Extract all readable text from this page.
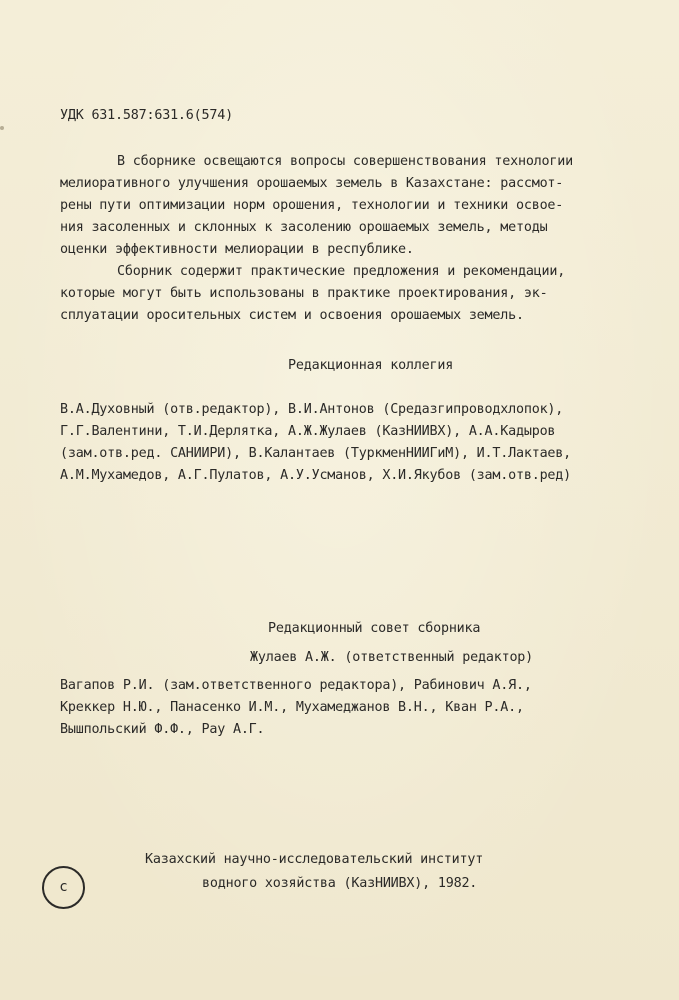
УДК 631.587:631.6(574)
В сборнике освещаются вопросы совершенствования технологии
мелиоративного улучшения орошаемых земель в Казахстане: рассмот-
рены пути оптимизации норм орошения, технологии и техники освое-
ния засоленных и склонных к засолению орошаемых земель, методы
оценки эффективности мелиорации в республике.
Сборник содержит практические предложения и рекомендации,
которые могут быть использованы в практике проектирования, эк-
сплуатации оросительных систем и освоения орошаемых земель.
Редакционная коллегия
В.А.Духовный (отв.редактор), В.И.Антонов (Средазгипроводхлопок),
Г.Г.Валентини, Т.И.Дерлятка, А.Ж.Жулаев (КазНИИВХ), А.А.Кадыров
(зам.отв.ред. САНИИРИ), В.Калантаев (ТуркменНИИГиМ), И.Т.Лактаев,
А.М.Мухамедов, А.Г.Пулатов, А.У.Усманов, Х.И.Якубов (зам.отв.ред)
Редакционный совет сборника
Жулаев А.Ж. (ответственный редактор)
Вагапов Р.И. (зам.ответственного редактора), Рабинович А.Я.,
Креккер Н.Ю., Панасенко И.М., Мухамеджанов В.Н., Кван Р.А.,
Вышпольский Ф.Ф., Рау А.Г.
c
Казахский научно-исследовательский институт
водного хозяйства (КазНИИВХ), 1982.
